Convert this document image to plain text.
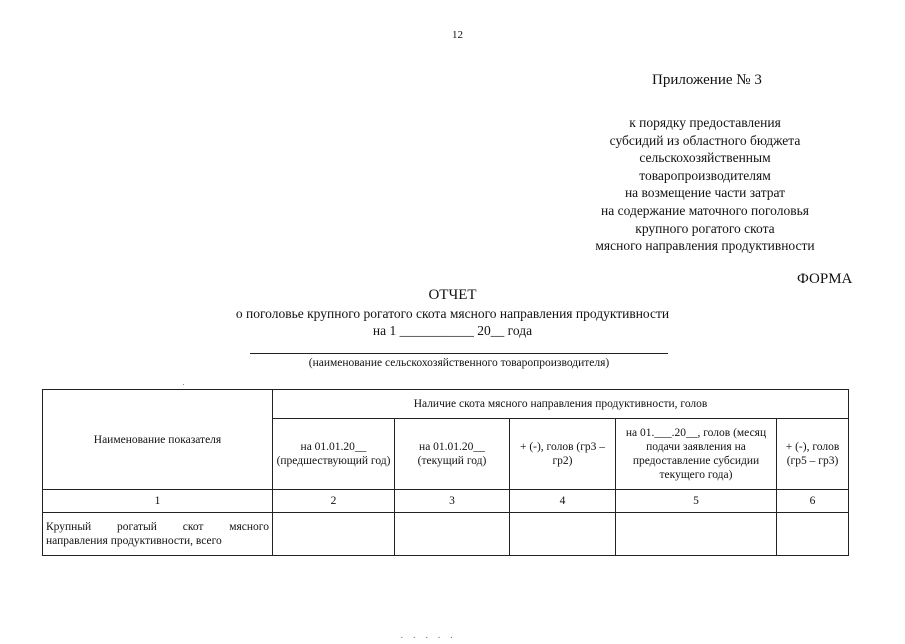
12
Приложение № 3
к порядку предоставления
субсидий из областного бюджета
сельскохозяйственным
товаропроизводителям
на возмещение части затрат
на содержание маточного поголовья
крупного рогатого скота
мясного направления продуктивности
ФОРМА
ОТЧЕТ
о поголовье крупного рогатого скота мясного направления продуктивности
на 1 ___________ 20__ года
(наименование сельскохозяйственного товаропроизводителя)
Наименование показателя	Наличие скота мясного направления продуктивности, голов				
	на 01.01.20__ (предшествующий год)	на 01.01.20__ (текущий год)	+ (-), голов (гр3 – гр2)	на 01.___.20__, голов (месяц подачи заявления на предоставление субсидии текущего года)	+ (-), голов (гр5 – гр3)
1	2	3	4	5	6

Крупный рогатый скот мясного
направления продуктивности, всего					

· · · · ·
